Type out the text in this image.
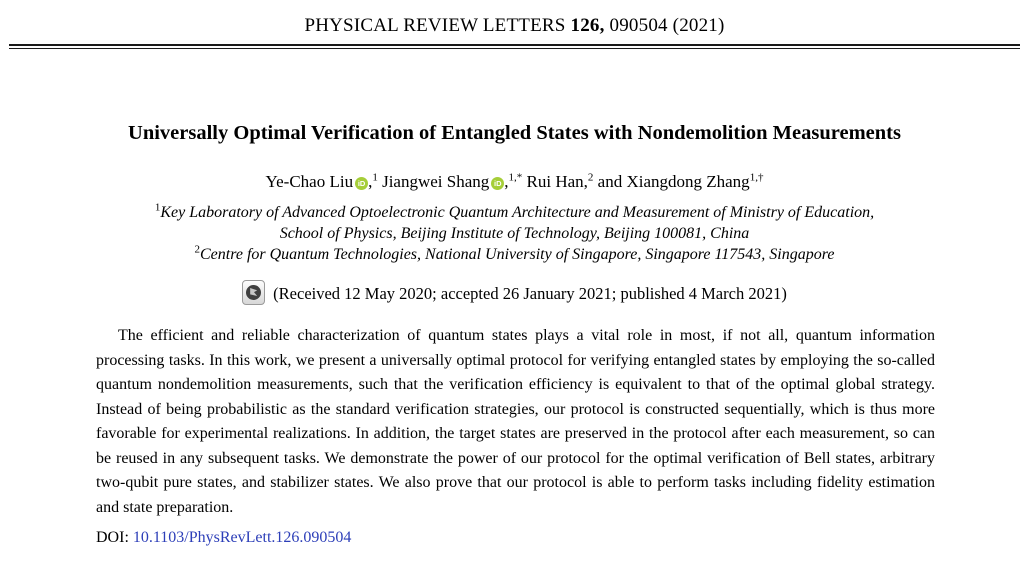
PHYSICAL REVIEW LETTERS 126, 090504 (2021)
Universally Optimal Verification of Entangled States with Nondemolition Measurements
Ye-Chao Liu iD ,$^1$ Jiangwei Shang iD ,$^{1,*}$ Rui Han,$^2$ and Xiangdong Zhang$^{1,\dagger}$
$^1$Key Laboratory of Advanced Optoelectronic Quantum Architecture and Measurement of Ministry of Education,
School of Physics, Beijing Institute of Technology, Beijing 100081, China
$^2$Centre for Quantum Technologies, National University of Singapore, Singapore 117543, Singapore
(Received 12 May 2020; accepted 26 January 2021; published 4 March 2021)

The efficient and reliable characterization of quantum states plays a vital role in most, if not all, quantum information processing tasks. In this work, we present a universally optimal protocol for verifying entangled states by employing the so-called quantum nondemolition measurements, such that the verification efficiency is equivalent to that of the optimal global strategy. Instead of being probabilistic as the standard verification strategies, our protocol is constructed sequentially, which is thus more favorable for experimental realizations. In addition, the target states are preserved in the protocol after each measurement, so can be reused in any subsequent tasks. We demonstrate the power of our protocol for the optimal verification of Bell states, arbitrary two-qubit pure states, and stabilizer states. We also prove that our protocol is able to perform tasks including fidelity estimation and state preparation.

DOI: 10.1103/PhysRevLett.126.090504
